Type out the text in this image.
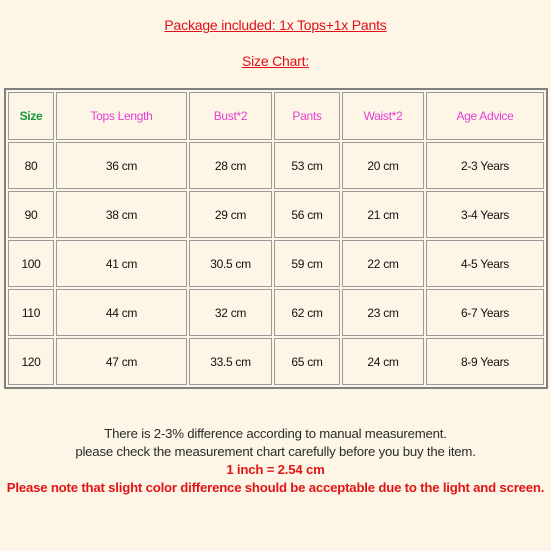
Package included: 1x Tops+1x Pants
Size Chart:
Size	Tops Length	Bust*2	Pants	Waist*2	Age Advice
80	36 cm	28 cm	53 cm	20 cm	2-3 Years
90	38 cm	29 cm	56 cm	21 cm	3-4 Years
100	41 cm	30.5 cm	59 cm	22 cm	4-5 Years
110	44 cm	32 cm	62 cm	23 cm	6-7 Years
120	47 cm	33.5 cm	65 cm	24 cm	8-9 Years
There is 2-3% difference according to manual measurement.
please check the measurement chart carefully before you buy the item.
1 inch = 2.54 cm
Please note that slight color difference should be acceptable due to the light and screen.
